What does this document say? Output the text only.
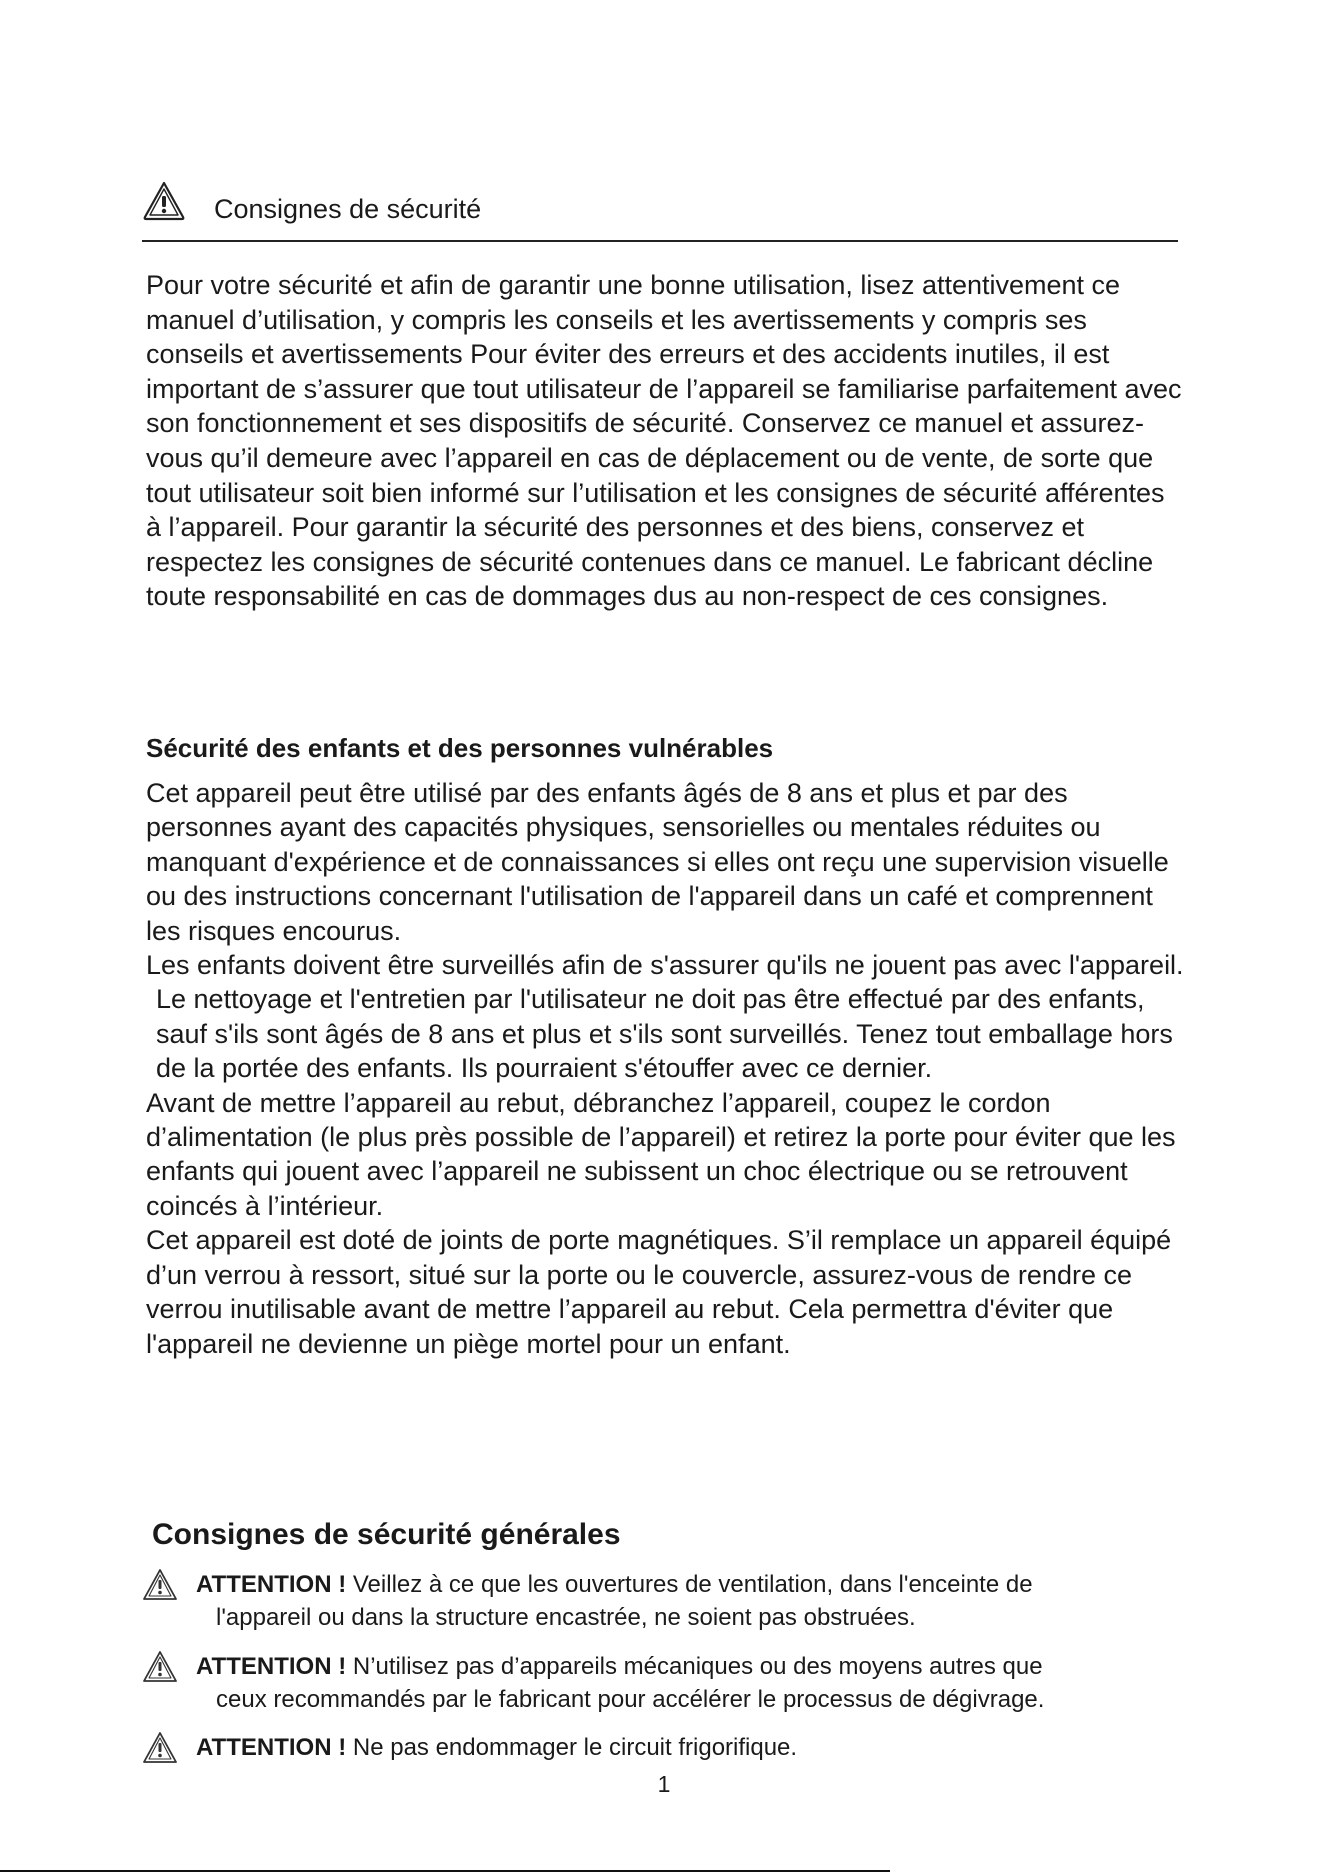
Consignes de sécurité

Pour votre sécurité et afin de garantir une bonne utilisation, lisez attentivement ce manuel d’utilisation, y compris les conseils et les avertissements y compris ses conseils et avertissements Pour éviter des erreurs et des accidents inutiles, il est important de s’assurer que tout utilisateur de l’appareil se familiarise parfaitement avec son fonctionnement et ses dispositifs de sécurité. Conservez ce manuel et assurez-vous qu’il demeure avec l’appareil en cas de déplacement ou de vente, de sorte que tout utilisateur soit bien informé sur l’utilisation et les consignes de sécurité afférentes à l’appareil. Pour garantir la sécurité des personnes et des biens, conservez et respectez les consignes de sécurité contenues dans ce manuel. Le fabricant décline toute responsabilité en cas de dommages dus au non-respect de ces consignes.

Sécurité des enfants et des personnes vulnérables
Cet appareil peut être utilisé par des enfants âgés de 8 ans et plus et par des personnes ayant des capacités physiques, sensorielles ou mentales réduites ou manquant d'expérience et de connaissances si elles ont reçu une supervision visuelle ou des instructions concernant l'utilisation de l'appareil dans un café et comprennent les risques encourus.
Les enfants doivent être surveillés afin de s'assurer qu'ils ne jouent pas avec l'appareil.
Le nettoyage et l'entretien par l'utilisateur ne doit pas être effectué par des enfants, sauf s'ils sont âgés de 8 ans et plus et s'ils sont surveillés. Tenez tout emballage hors de la portée des enfants. Ils pourraient s'étouffer avec ce dernier.
Avant de mettre l’appareil au rebut, débranchez l’appareil, coupez le cordon d’alimentation (le plus près possible de l’appareil) et retirez la porte pour éviter que les enfants qui jouent avec l’appareil ne subissent un choc électrique ou se retrouvent coincés à l’intérieur.
Cet appareil est doté de joints de porte magnétiques. S’il remplace un appareil équipé d’un verrou à ressort, situé sur la porte ou le couvercle, assurez-vous de rendre ce verrou inutilisable avant de mettre l’appareil au rebut. Cela permettra d'éviter que l'appareil ne devienne un piège mortel pour un enfant.
Consignes de sécurité générales
ATTENTION ! Veillez à ce que les ouvertures de ventilation, dans l'enceinte de
l'appareil ou dans la structure encastrée, ne soient pas obstruées.
ATTENTION ! N’utilisez pas d’appareils mécaniques ou des moyens autres que
ceux recommandés par le fabricant pour accélérer le processus de dégivrage.
ATTENTION ! Ne pas endommager le circuit frigorifique.
1
